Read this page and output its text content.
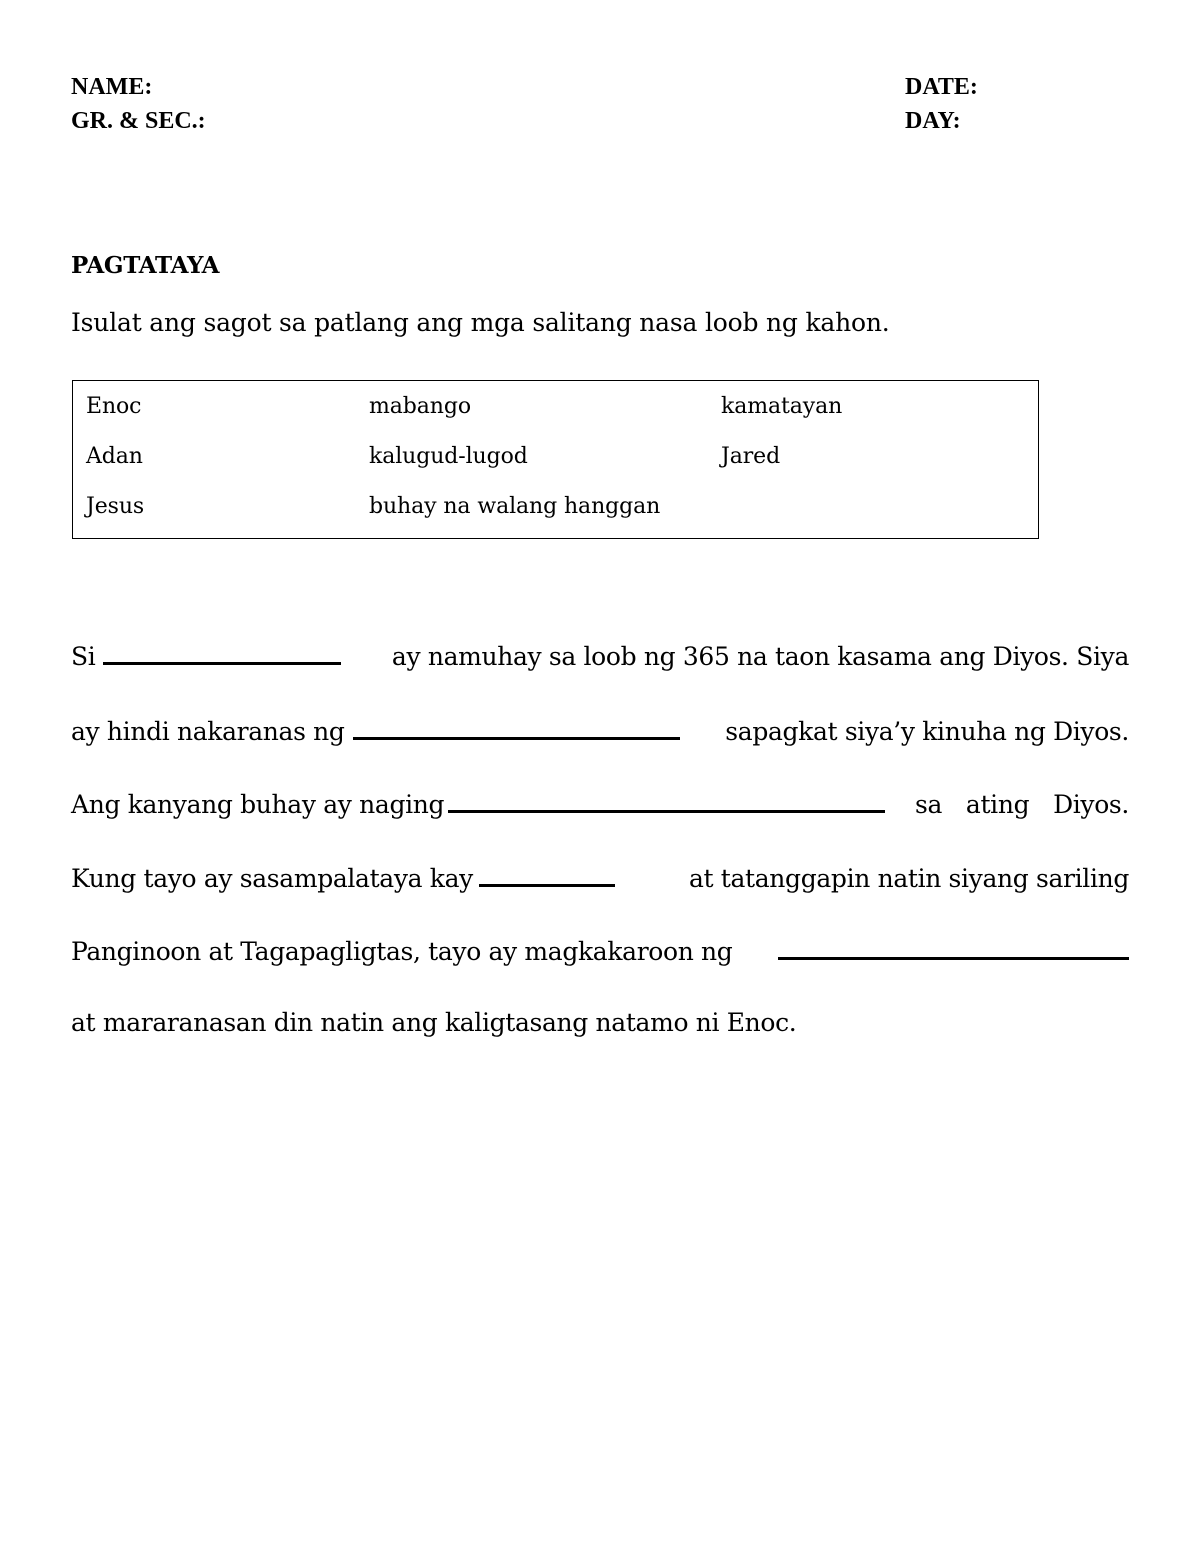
NAME:
GR. & SEC.:
DATE:
DAY:
PAGTATAYA

Isulat ang sagot sa patlang ang mga salitang nasa loob ng kahon.

Enoc	mabango	kamatayan
Adan	kalugud-lugod	Jared
Jesus	buhay na walang hanggan
Si	ay namuhay sa loob ng 365 na taon kasama ang Diyos. Siya
ay hindi nakaranas ng	sapagkat siya’y kinuha ng Diyos.
Ang kanyang buhay ay naging	sa ating Diyos.
Kung tayo ay sasampalataya kay	at tatanggapin natin siyang sariling
Panginoon at Tagapagligtas, tayo ay magkakaroon ng
at mararanasan din natin ang kaligtasang natamo ni Enoc.
